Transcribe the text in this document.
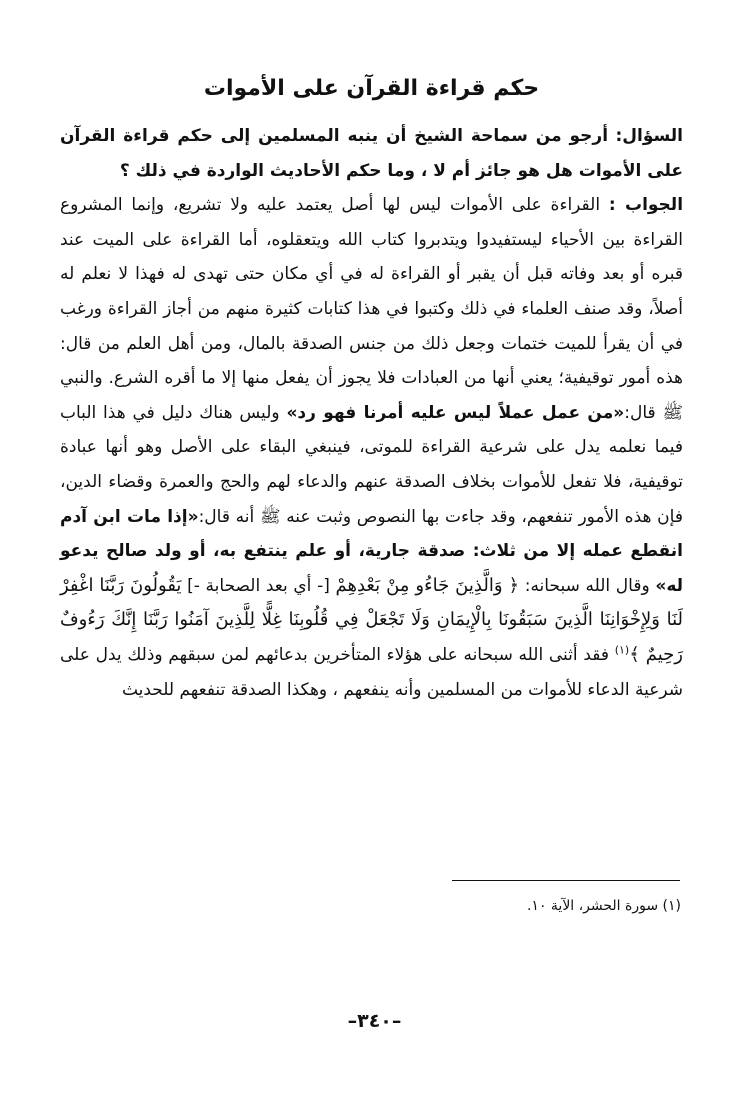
حكم قراءة القرآن على الأموات

السؤال: أرجو من سماحة الشيخ أن ينبه المسلمين إلى حكم قراءة القرآن على الأموات هل هو جائز أم لا ، وما حكم الأحاديث الواردة في ذلك ؟

الجواب : القراءة على الأموات ليس لها أصل يعتمد عليه ولا تشريع، وإنما المشروع القراءة بين الأحياء ليستفيدوا ويتدبروا كتاب الله ويتعقلوه، أما القراءة على الميت عند قبره أو بعد وفاته قبل أن يقبر أو القراءة له في أي مكان حتى تهدى له فهذا لا نعلم له أصلاً، وقد صنف العلماء في ذلك وكتبوا في هذا كتابات كثيرة منهم من أجاز القراءة ورغب في أن يقرأ للميت ختمات وجعل ذلك من جنس الصدقة بالمال، ومن أهل العلم من قال: هذه أمور توقيفية؛ يعني أنها من العبادات فلا يجوز أن يفعل منها إلا ما أقره الشرع. والنبي ﷺ قال:«من عمل عملاً ليس عليه أمرنا فهو رد» وليس هناك دليل في هذا الباب فيما نعلمه يدل على شرعية القراءة للموتى، فينبغي البقاء على الأصل وهو أنها عبادة توقيفية، فلا تفعل للأموات بخلاف الصدقة عنهم والدعاء لهم والحج والعمرة وقضاء الدين، فإن هذه الأمور تنفعهم، وقد جاءت بها النصوص وثبت عنه ﷺ أنه قال:«إذا مات ابن آدم انقطع عمله إلا من ثلاث: صدقة جارية، أو علم ينتفع به، أو ولد صالح يدعو له» وقال الله سبحانه: ﴿ وَالَّذِينَ جَاءُو مِنْ بَعْدِهِمْ [- أي بعد الصحابة -] يَقُولُونَ رَبَّنَا اغْفِرْ لَنَا وَلِإِخْوَانِنَا الَّذِينَ سَبَقُونَا بِالْإِيمَانِ وَلَا تَجْعَلْ فِي قُلُوبِنَا غِلًّا لِلَّذِينَ آمَنُوا رَبَّنَا إِنَّكَ رَءُوفٌ رَحِيمٌ ﴾$^{(١)}$ فقد أثنى الله سبحانه على هؤلاء المتأخرين بدعائهم لمن سبقهم وذلك يدل على شرعية الدعاء للأموات من المسلمين وأنه ينفعهم ، وهكذا الصدقة تنفعهم للحديث

(١) سورة الحشر، الآية ١٠.
–٣٤٠–
